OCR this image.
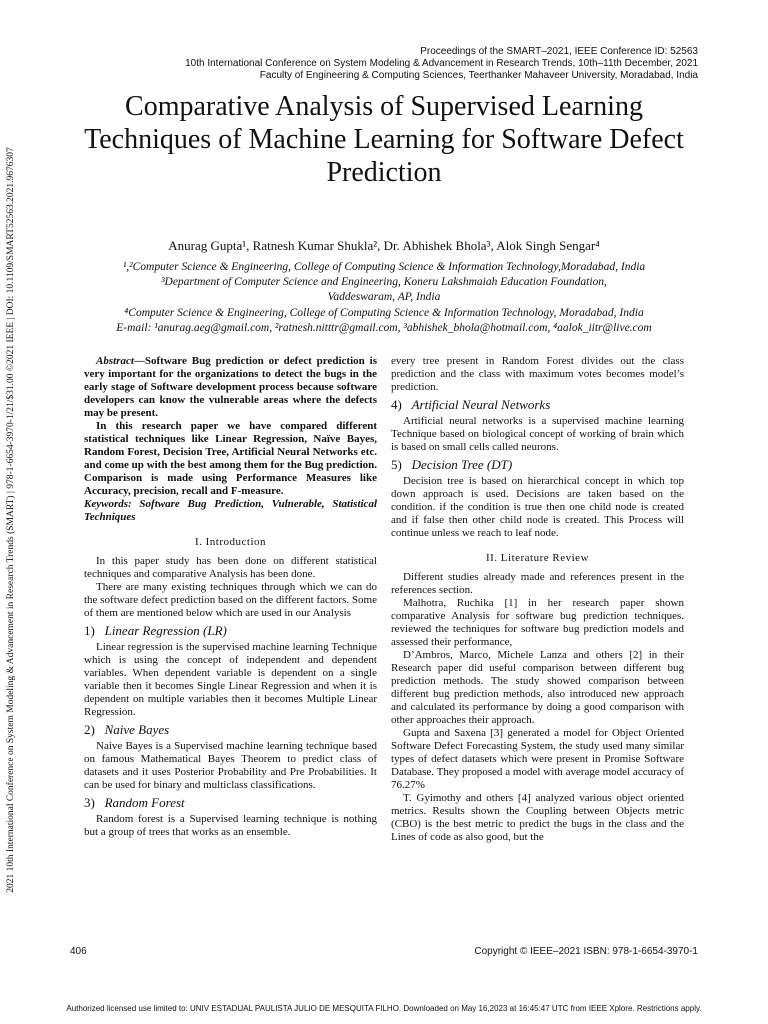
Proceedings of the SMART–2021, IEEE Conference ID: 52563
10th International Conference on System Modeling & Advancement in Research Trends, 10th–11th December, 2021
Faculty of Engineering & Computing Sciences, Teerthanker Mahaveer University, Moradabad, India
2021 10th International Conference on System Modeling & Advancement in Research Trends (SMART) | 978-1-6654-3970-1/21/$31.00 ©2021 IEEE | DOI: 10.1109/SMART52563.2021.9676307
Comparative Analysis of Supervised Learning Techniques of Machine Learning for Software Defect Prediction
Anurag Gupta¹, Ratnesh Kumar Shukla², Dr. Abhishek Bhola³, Alok Singh Sengar⁴
¹,²Computer Science & Engineering, College of Computing Science & Information Technology,Moradabad, India
³Department of Computer Science and Engineering, Koneru Lakshmaiah Education Foundation,
Vaddeswaram, AP, India
⁴Computer Science & Engineering, College of Computing Science & Information Technology, Moradabad, India
E-mail: ¹anurag.aeg@gmail.com, ²ratnesh.nitttr@gmail.com, ³abhishek_bhola@hotmail.com, ⁴aalok_iitr@live.com

Abstract—Software Bug prediction or defect prediction is very important for the organizations to detect the bugs in the early stage of Software development process because software developers can know the vulnerable areas where the defects may be present.

In this research paper we have compared different statistical techniques like Linear Regression, Naïve Bayes, Random Forest, Decision Tree, Artificial Neural Networks etc. and come up with the best among them for the Bug prediction. Comparison is made using Performance Measures like Accuracy, precision, recall and F-measure.

Keywords: Software Bug Prediction, Vulnerable, Statistical Techniques

I. Introduction

In this paper study has been done on different statistical techniques and comparative Analysis has been done.

There are many existing techniques through which we can do the software defect prediction based on the different factors. Some of them are mentioned below which are used in our Analysis

1) Linear Regression (LR)

Linear regression is the supervised machine learning Technique which is using the concept of independent and dependent variables. When dependent variable is dependent on a single variable then it becomes Single Linear Regression and when it is dependent on multiple variables then it becomes Multiple Linear Regression.

2) Naive Bayes

Naive Bayes is a Supervised machine learning technique based on famous Mathematical Bayes Theorem to predict class of datasets and it uses Posterior Probability and Pre Probabilities. It can be used for binary and multiclass classifications.

3) Random Forest

Random forest is a Supervised learning technique is nothing but a group of trees that works as an ensemble.

every tree present in Random Forest divides out the class prediction and the class with maximum votes becomes model’s prediction.

4) Artificial Neural Networks

Artificial neural networks is a supervised machine learning Technique based on biological concept of working of brain which is based on small cells called neurons.

5) Decision Tree (DT)

Decision tree is based on hierarchical concept in which top down approach is used. Decisions are taken based on the condition. if the condition is true then one child node is created and if false then other child node is created. This Process will continue unless we reach to leaf node.

II. Literature Review

Different studies already made and references present in the references section.

Malhotra, Ruchika [1] in her research paper shown comparative Analysis for software bug prediction techniques. reviewed the techniques for software bug prediction models and assessed their performance,

D’Ambros, Marco, Michele Lanza and others [2] in their Research paper did useful comparison between different bug prediction methods. The study showed comparison between different bug prediction methods, also introduced new approach and calculated its performance by doing a good comparison with other approaches their approach.

Gupta and Saxena [3] generated a model for Object Oriented Software Defect Forecasting System, the study used many similar types of defect datasets which were present in Promise Software Database. They proposed a model with average model accuracy of 76.27%

T. Gyimothy and others [4] analyzed various object oriented metrics. Results shown the Coupling between Objects metric (CBO) is the best metric to predict the bugs in the class and the Lines of code as also good, but the

406	Copyright © IEEE–2021 ISBN: 978-1-6654-3970-1
Authorized licensed use limited to: UNIV ESTADUAL PAULISTA JULIO DE MESQUITA FILHO. Downloaded on May 16,2023 at 16:45:47 UTC from IEEE Xplore. Restrictions apply.
